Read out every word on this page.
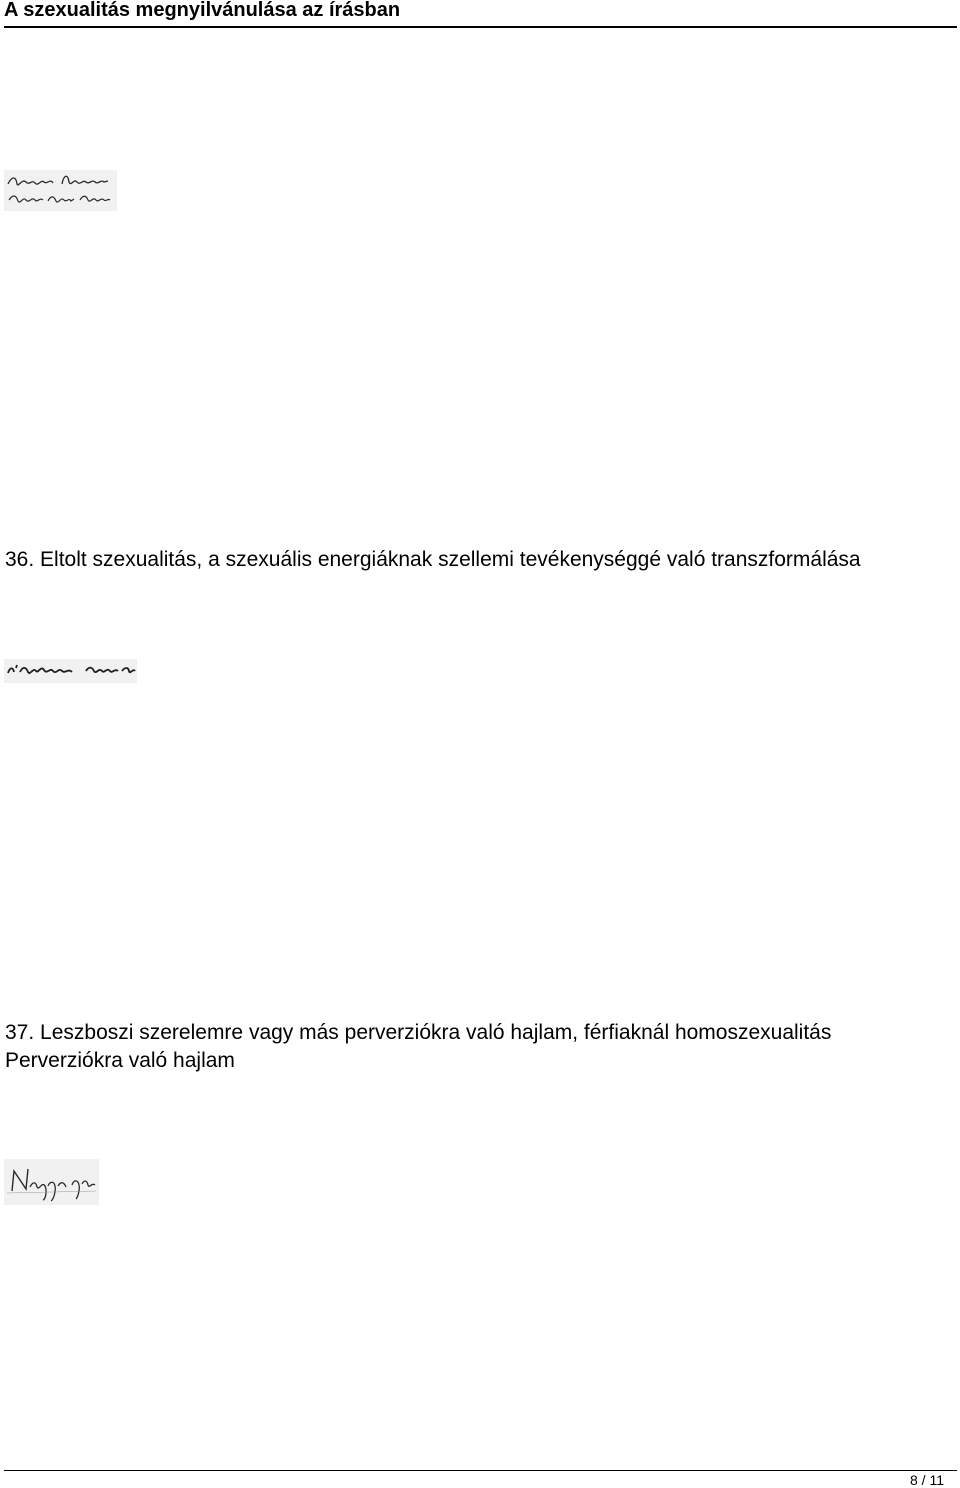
A szexualitás megnyilvánulása az írásban
36. Eltolt szexualitás, a szexuális energiáknak szellemi tevékenységgé való transzformálása
37. Leszboszi szerelemre vagy más perverziókra való hajlam, férfiaknál homoszexualitás
Perverziókra való hajlam
8 / 11
